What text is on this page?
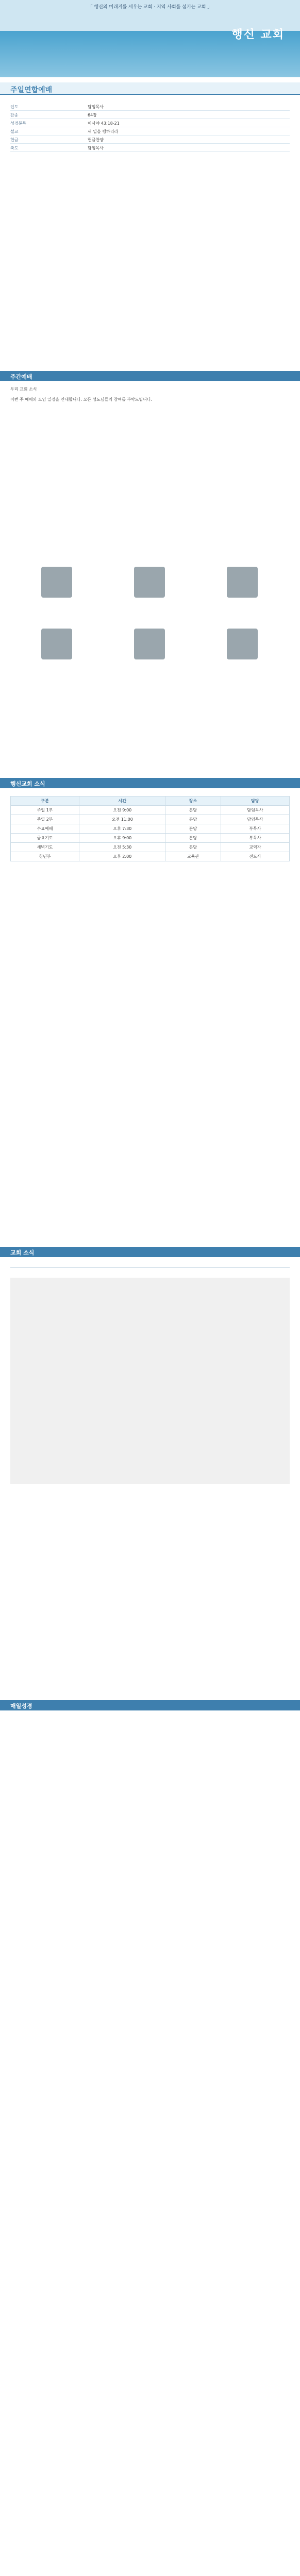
「 행신의 미래지를 세우는 교회 · 지역 사회를 섬기는 교회 」
행신 교회
주일연합예배
인도	담임목사
찬송	64장
성경봉독	이사야 43:18-21
설교	새 일을 행하리라
헌금	헌금찬양
축도	담임목사
주간예배
우리 교회 소식
이번 주 예배와 모임 일정을 안내합니다. 모든 성도님들의 참여를 부탁드립니다.
행신교회 소식
구분	시간	장소	담당
주일 1부	오전 9:00	본당	담임목사
주일 2부	오전 11:00	본당	담임목사
수요예배	오후 7:30	본당	부목사
금요기도	오후 9:00	본당	부목사
새벽기도	오전 5:30	본당	교역자
청년부	오후 2:00	교육관	전도사
교회 소식
매일성경
